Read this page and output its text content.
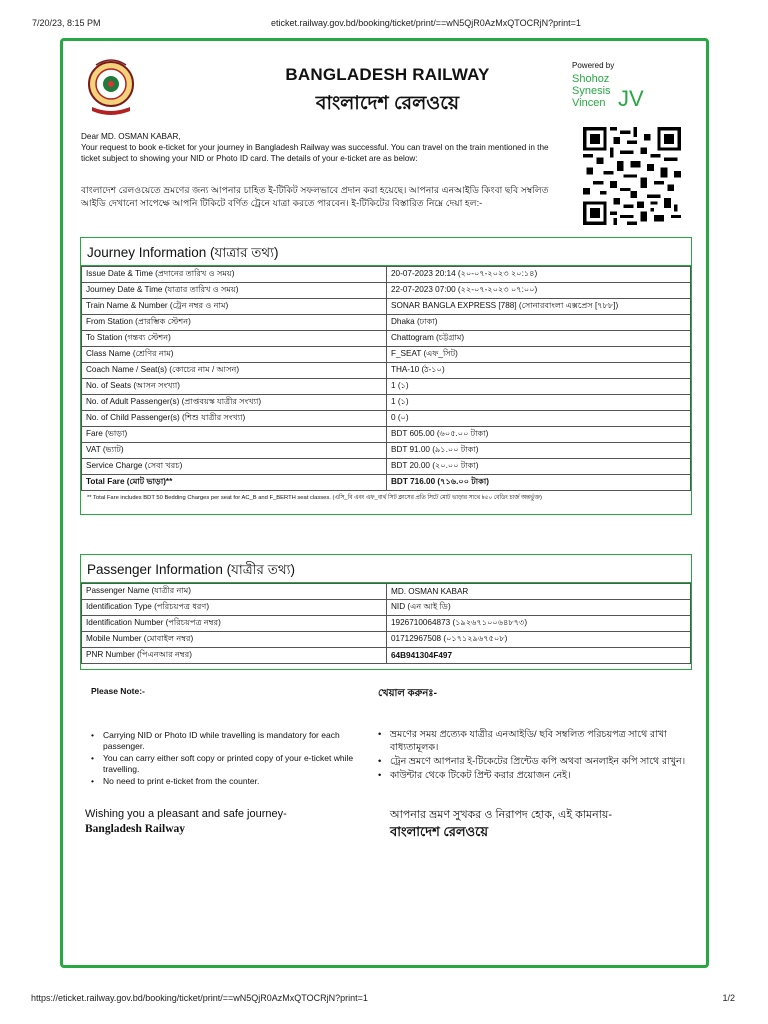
7/20/23, 8:15 PM	eticket.railway.gov.bd/booking/ticket/print/==wN5QjR0AzMxQTOCRjN?print=1
BANGLADESH RAILWAY
বাংলাদেশ রেলওয়ে
Powered by
Shohoz
Synesis
Vincen JV

Dear MD. OSMAN KABAR,

Your request to book e-ticket for your journey in Bangladesh Railway was successful. You can travel on the train mentioned in the ticket subject to showing your NID or Photo ID card. The details of your e-ticket are as below:

বাংলাদেশ রেলওয়েতে ভ্রমণের জন্য আপনার চাহিত ই-টিকিট সফলভাবে প্রদান করা হয়েছে। আপনার এনআইডি কিংবা ছবি সম্বলিত আইডি দেখানো সাপেক্ষে আপনি টিকিটে বর্ণিত ট্রেনে যাত্রা করতে পারবেন। ই-টিকিটের বিস্তারিত নিম্নে দেয়া হল:-
Journey Information (যাত্রার তথ্য)
Issue Date & Time (প্রদানের তারিখ ও সময়)	20-07-2023 20:14 (২০-০৭-২০২৩ ২০:১৪)
Journey Date & Time (যাত্রার তারিখ ও সময়)	22-07-2023 07:00 (২২-০৭-২০২৩ ০৭:০০)
Train Name & Number (ট্রেন নম্বর ও নাম)	SONAR BANGLA EXPRESS [788] (সোনারবাংলা এক্সপ্রেস [৭৮৮])
From Station (প্রারম্ভিক স্টেশন)	Dhaka (ঢাকা)
To Station (গন্তব্য স্টেশন)	Chattogram (চট্টগ্রাম)
Class Name (শ্রেণির নাম)	F_SEAT (এফ_সিট)
Coach Name / Seat(s) (কোচের নাম / আসন)	THA-10 (ঠ-১০)
No. of Seats (আসন সংখ্যা)	1 (১)
No. of Adult Passenger(s) (প্রাপ্তবয়স্ক যাত্রীর সংখ্যা)	1 (১)
No. of Child Passenger(s) (শিশু যাত্রীর সংখ্যা)	0 (০)
Fare (ভাড়া)	BDT 605.00 (৬০৫.০০ টাকা)
VAT (ভ্যাট)	BDT 91.00 (৯১.০০ টাকা)
Service Charge (সেবা খরচ)	BDT 20.00 (২০.০০ টাকা)
Total Fare (মোট ভাড়া)**	BDT 716.00 (৭১৬.০০ টাকা)
** Total Fare includes BDT 50 Bedding Charges per seat for AC_B and F_BERTH seat classes. (এসি_বি এবং এফ_বার্থ সিট ক্লাসের প্রতি সিটে মোট ভাড়ার সাথে ৳৫০ বেডিং চার্জ অন্তর্ভুক্ত)
Passenger Information (যাত্রীর তথ্য)
Passenger Name (যাত্রীর নাম)	MD. OSMAN KABAR
Identification Type (পরিচয়পত্র ধরণ)	NID (এন আই ডি)
Identification Number (পরিচয়পত্র নম্বর)	1926710064873 (১৯২৬৭১০০৬৪৮৭৩)
Mobile Number (মোবাইল নম্বর)	01712967508 (০১৭১২৯৬৭৫০৮)
PNR Number (পিএনআর নম্বর)	64B941304F497
Please Note:-
• Carrying NID or Photo ID while travelling is mandatory for each passenger.
• You can carry either soft copy or printed copy of your e-ticket while travelling.
• No need to print e-ticket from the counter.
খেয়াল করুনঃ-
• ভ্রমণের সময় প্রত্যেক যাত্রীর এনআইডি/ ছবি সম্বলিত পরিচয়পত্র সাথে রাখা বাধ্যতামূলক।
• ট্রেন ভ্রমণে আপনার ই-টিকেটের প্রিন্টেড কপি অথবা অনলাইন কপি সাথে রাখুন।
• কাউন্টার থেকে টিকেট প্রিন্ট করার প্রয়োজন নেই।
Wishing you a pleasant and safe journey-
Bangladesh Railway
আপনার ভ্রমণ সুখকর ও নিরাপদ হোক, এই কামনায়-
বাংলাদেশ রেলওয়ে
https://eticket.railway.gov.bd/booking/ticket/print/==wN5QjR0AzMxQTOCRjN?print=1	1/2
